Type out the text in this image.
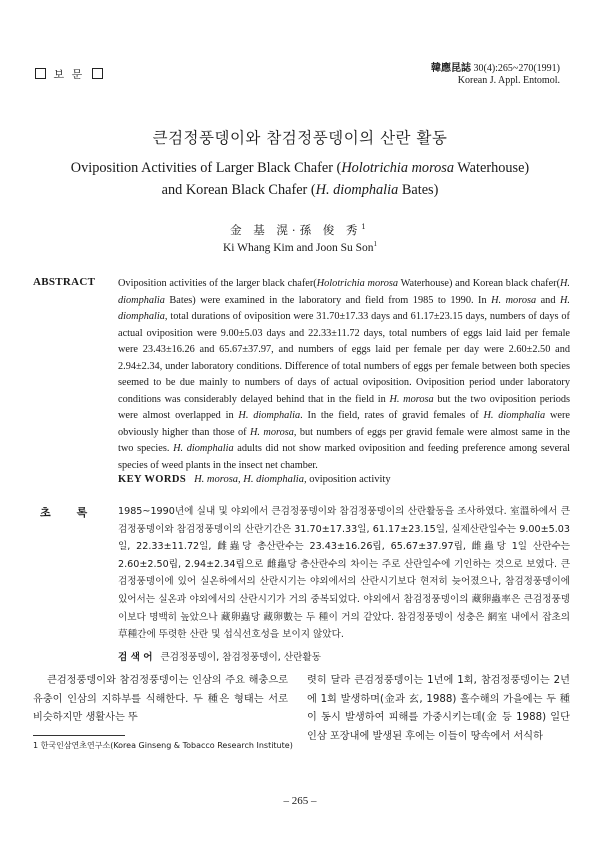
보 문	韓應昆誌 30(4):265~270(1991)
Korean J. Appl. Entomol.
큰검정풍뎅이와 참검정풍뎅이의 산란 활동
Oviposition Activities of Larger Black Chafer (Holotrichia morosa Waterhouse)
and Korean Black Chafer (H. diomphalia Bates)
金 基 滉·孫 俊 秀$^1$
Ki Whang Kim and Joon Su Son$^1$
ABSTRACT Oviposition activities of the larger black chafer(Holotrichia morosa Waterhouse) and Korean black chafer(H. diomphalia Bates) were examined in the laboratory and field from 1985 to 1990. In H. morosa and H. diomphalia, total durations of oviposition were 31.70±17.33 days and 61.17±23.15 days, numbers of days of actual oviposition were 9.00±5.03 days and 22.33±11.72 days, total numbers of eggs laid laid per female were 23.43±16.26 and 65.67±37.97, and numbers of eggs laid per female per day were 2.60±2.50 and 2.94±2.34, under laboratory conditions. Difference of total numbers of eggs per female between both species seemed to be due mainly to numbers of days of actual oviposition. Oviposition period under laboratory conditions was considerably delayed behind that in the field in H. morosa but the two oviposition periods were almost overlapped in H. diomphalia. In the field, rates of gravid females of H. diomphalia were obviously higher than those of H. morosa, but numbers of eggs per gravid female were almost same in the two species. H. diomphalia adults did not show marked oviposition and feeding preference among several species of weed plants in the insect net chamber.
KEY WORDS H. morosa, H. diomphalia, oviposition activity
초록 1985~1990년에 실내 및 야외에서 큰검정풍뎅이와 참검정풍뎅이의 산란활동을 조사하였다. 室溫하에서 큰검정풍뎅이와 참검정풍뎅이의 산란기간은 31.70±17.33일, 61.17±23.15일, 실제산란일수는 9.00±5.03일, 22.33±11.72일, 雌蟲당 총산란수는 23.43±16.26립, 65.67±37.97립, 雌蟲당 1일 산란수는 2.60±2.50립, 2.94±2.34립으로 雌蟲당 총산란수의 차이는 주로 산란일수에 기인하는 것으로 보였다. 큰검정풍뎅이에 있어 실온하에서의 산란시기는 야외에서의 산란시기보다 현저히 늦어졌으나, 참검정풍뎅이에 있어서는 실온과 야외에서의 산란시기가 거의 중복되었다. 야외에서 참검정풍뎅이의 藏卵蟲率은 큰검정풍뎅이보다 명백히 높았으나 藏卵蟲당 藏卵數는 두 種이 거의 같았다. 참검정풍뎅이 성충은 網室 내에서 잡초의 草種간에 뚜렷한 산란 및 섭식선호성을 보이지 않았다.
검 색 어 큰검정풍뎅이, 참검정풍뎅이, 산란활동
큰검정풍뎅이와 참검정풍뎅이는 인삼의 주요 해충으로 유충이 인삼의 지하부를 식해한다. 두 種은 형태는 서로 비슷하지만 생활사는 뚜
렷히 달라 큰검정풍뎅이는 1년에 1회, 참검정풍뎅이는 2년에 1회 발생하며(金과 玄, 1988) 홀수해의 가을에는 두 種이 동시 발생하여 피해를 가중시키는데(金 등 1988) 일단 인삼 포장내에 발생된 후에는 이들이 땅속에서 서식하
1 한국인삼연초연구소(Korea Ginseng & Tobacco Research Institute)
– 265 –
